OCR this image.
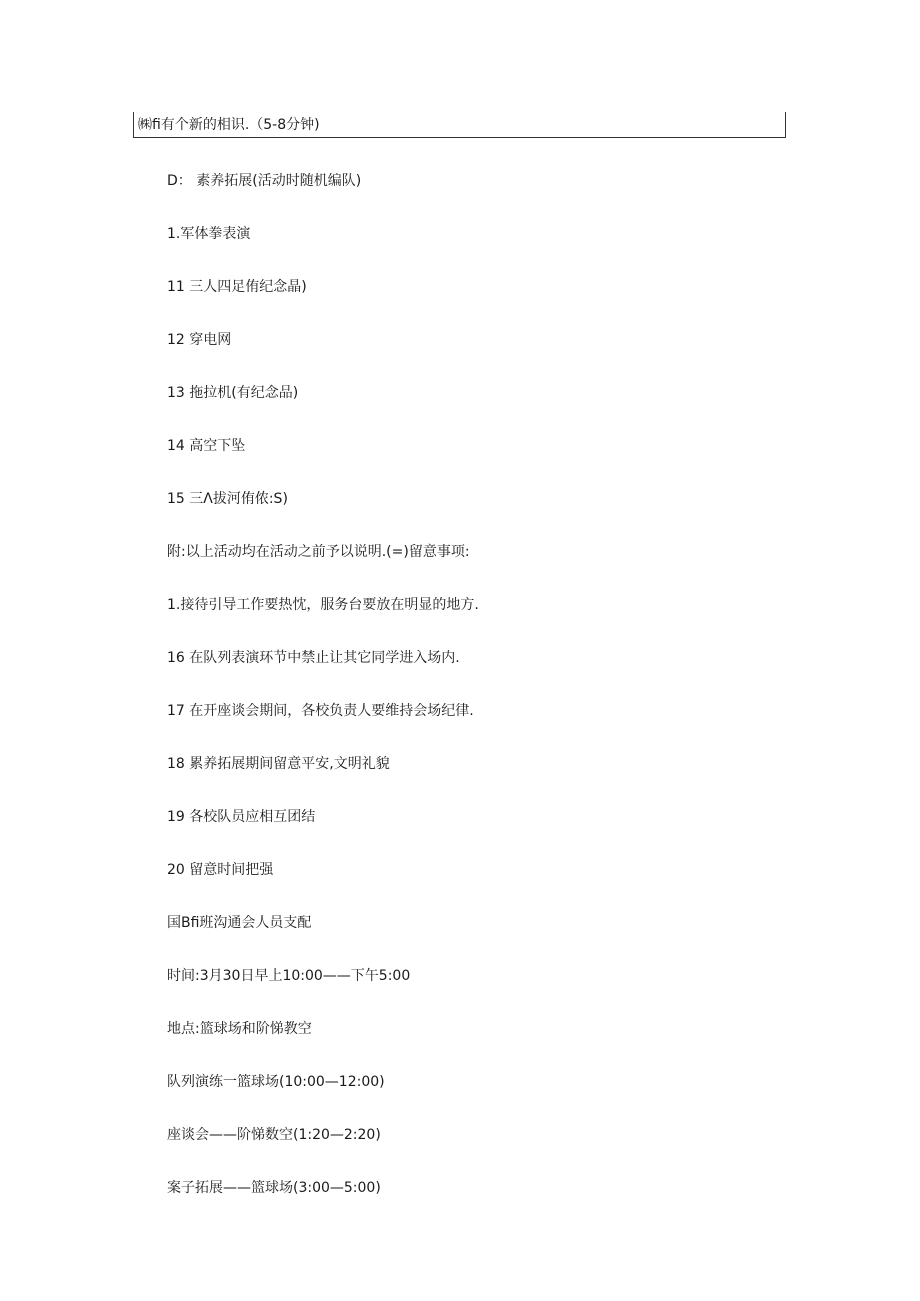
㈱fi有个新的相识.（5-8分钟)
D： 素养拓展(活动时随机编队)
1.军体拳表演
11 三人四足侑纪念晶)
12 穿电网
13 拖拉机(有纪念品)
14 高空下坠
15 三Λ拔河侑侬:S)
附:以上活动均在活动之前予以说明.(=)留意事项:
1.接待引导工作要热忱，服务台要放在明显的地方.
16 在队列表演环节中禁止让其它同学进入场内.
17 在开座谈会期间，各校负责人要维持会场纪律.
18 累养拓展期间留意平安,文明礼貌
19 各校队员应相互团结
20 留意时间把强
国Bfi班沟通会人员支配
时间:3月30日早上10:00——下午5:00
地点:篮球场和阶悌教空
队列演练一篮球场(10:00—12:00)
座谈会——阶悌数空(1:20—2:20)
案子拓展——篮球场(3:00—5:00)
